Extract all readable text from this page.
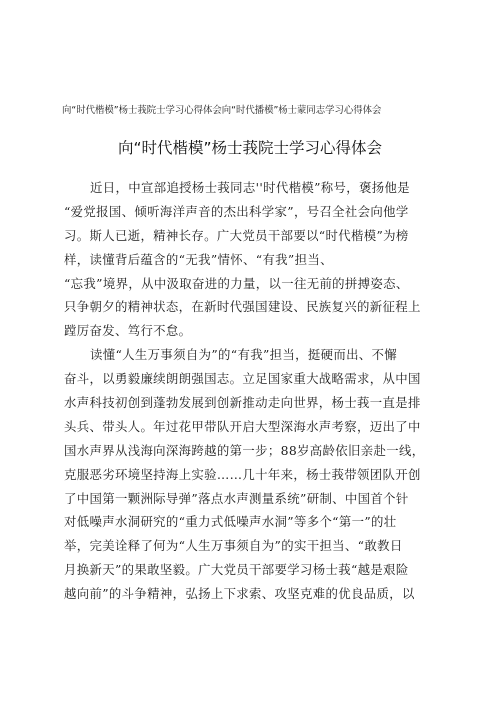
向“时代楷模”杨士莪院士学习心得体会向“时代播模”杨士蒙同志学习心得体会
向“时代楷模”杨士莪院士学习心得体会
近日，中宣部追授杨士莪同志''时代楷模”称号，褒扬他是
“爱党报国、倾听海洋声音的杰出科学家”，号召全社会向他学
习。斯人已逝，精神长存。广大党员干部要以“时代楷模”为榜
样，读懂背后蕴含的“无我”情怀、“有我”担当、
“忘我”境界，从中汲取奋进的力量，以一往无前的拼搏姿态、
只争朝夕的精神状态，在新时代强国建设、民族复兴的新征程上
蹚厉奋发、笃行不怠。
读懂“人生万事须自为”的“有我”担当，挺硬而出、不懈
奋斗，以勇毅廉续朗朗强国志。立足国家重大战略需求，从中国
水声科技初创到蓬勃发展到创新推动走向世界，杨士莪一直是排
头兵、带头人。年过花甲带队开启大型深海水声考察，迈出了中
国水声界从浅海向深海跨越的第一步；88岁高龄依旧亲赴一线，
克服恶劣环境坚持海上实验……几十年来，杨士莪带领团队开创
了中国第一颗洲际导弹”落点水声测量系统”研制、中国首个针
对低噪声水洞研究的“重力式低噪声水洞”等多个“第一”的壮
举，完美诠释了何为“人生万事须自为”的实干担当、“敢教日
月换新天”的果敢坚毅。广大党员干部要学习杨士莪“越是艰险
越向前”的斗争精神，弘扬上下求索、攻坚克难的优良品质，以
